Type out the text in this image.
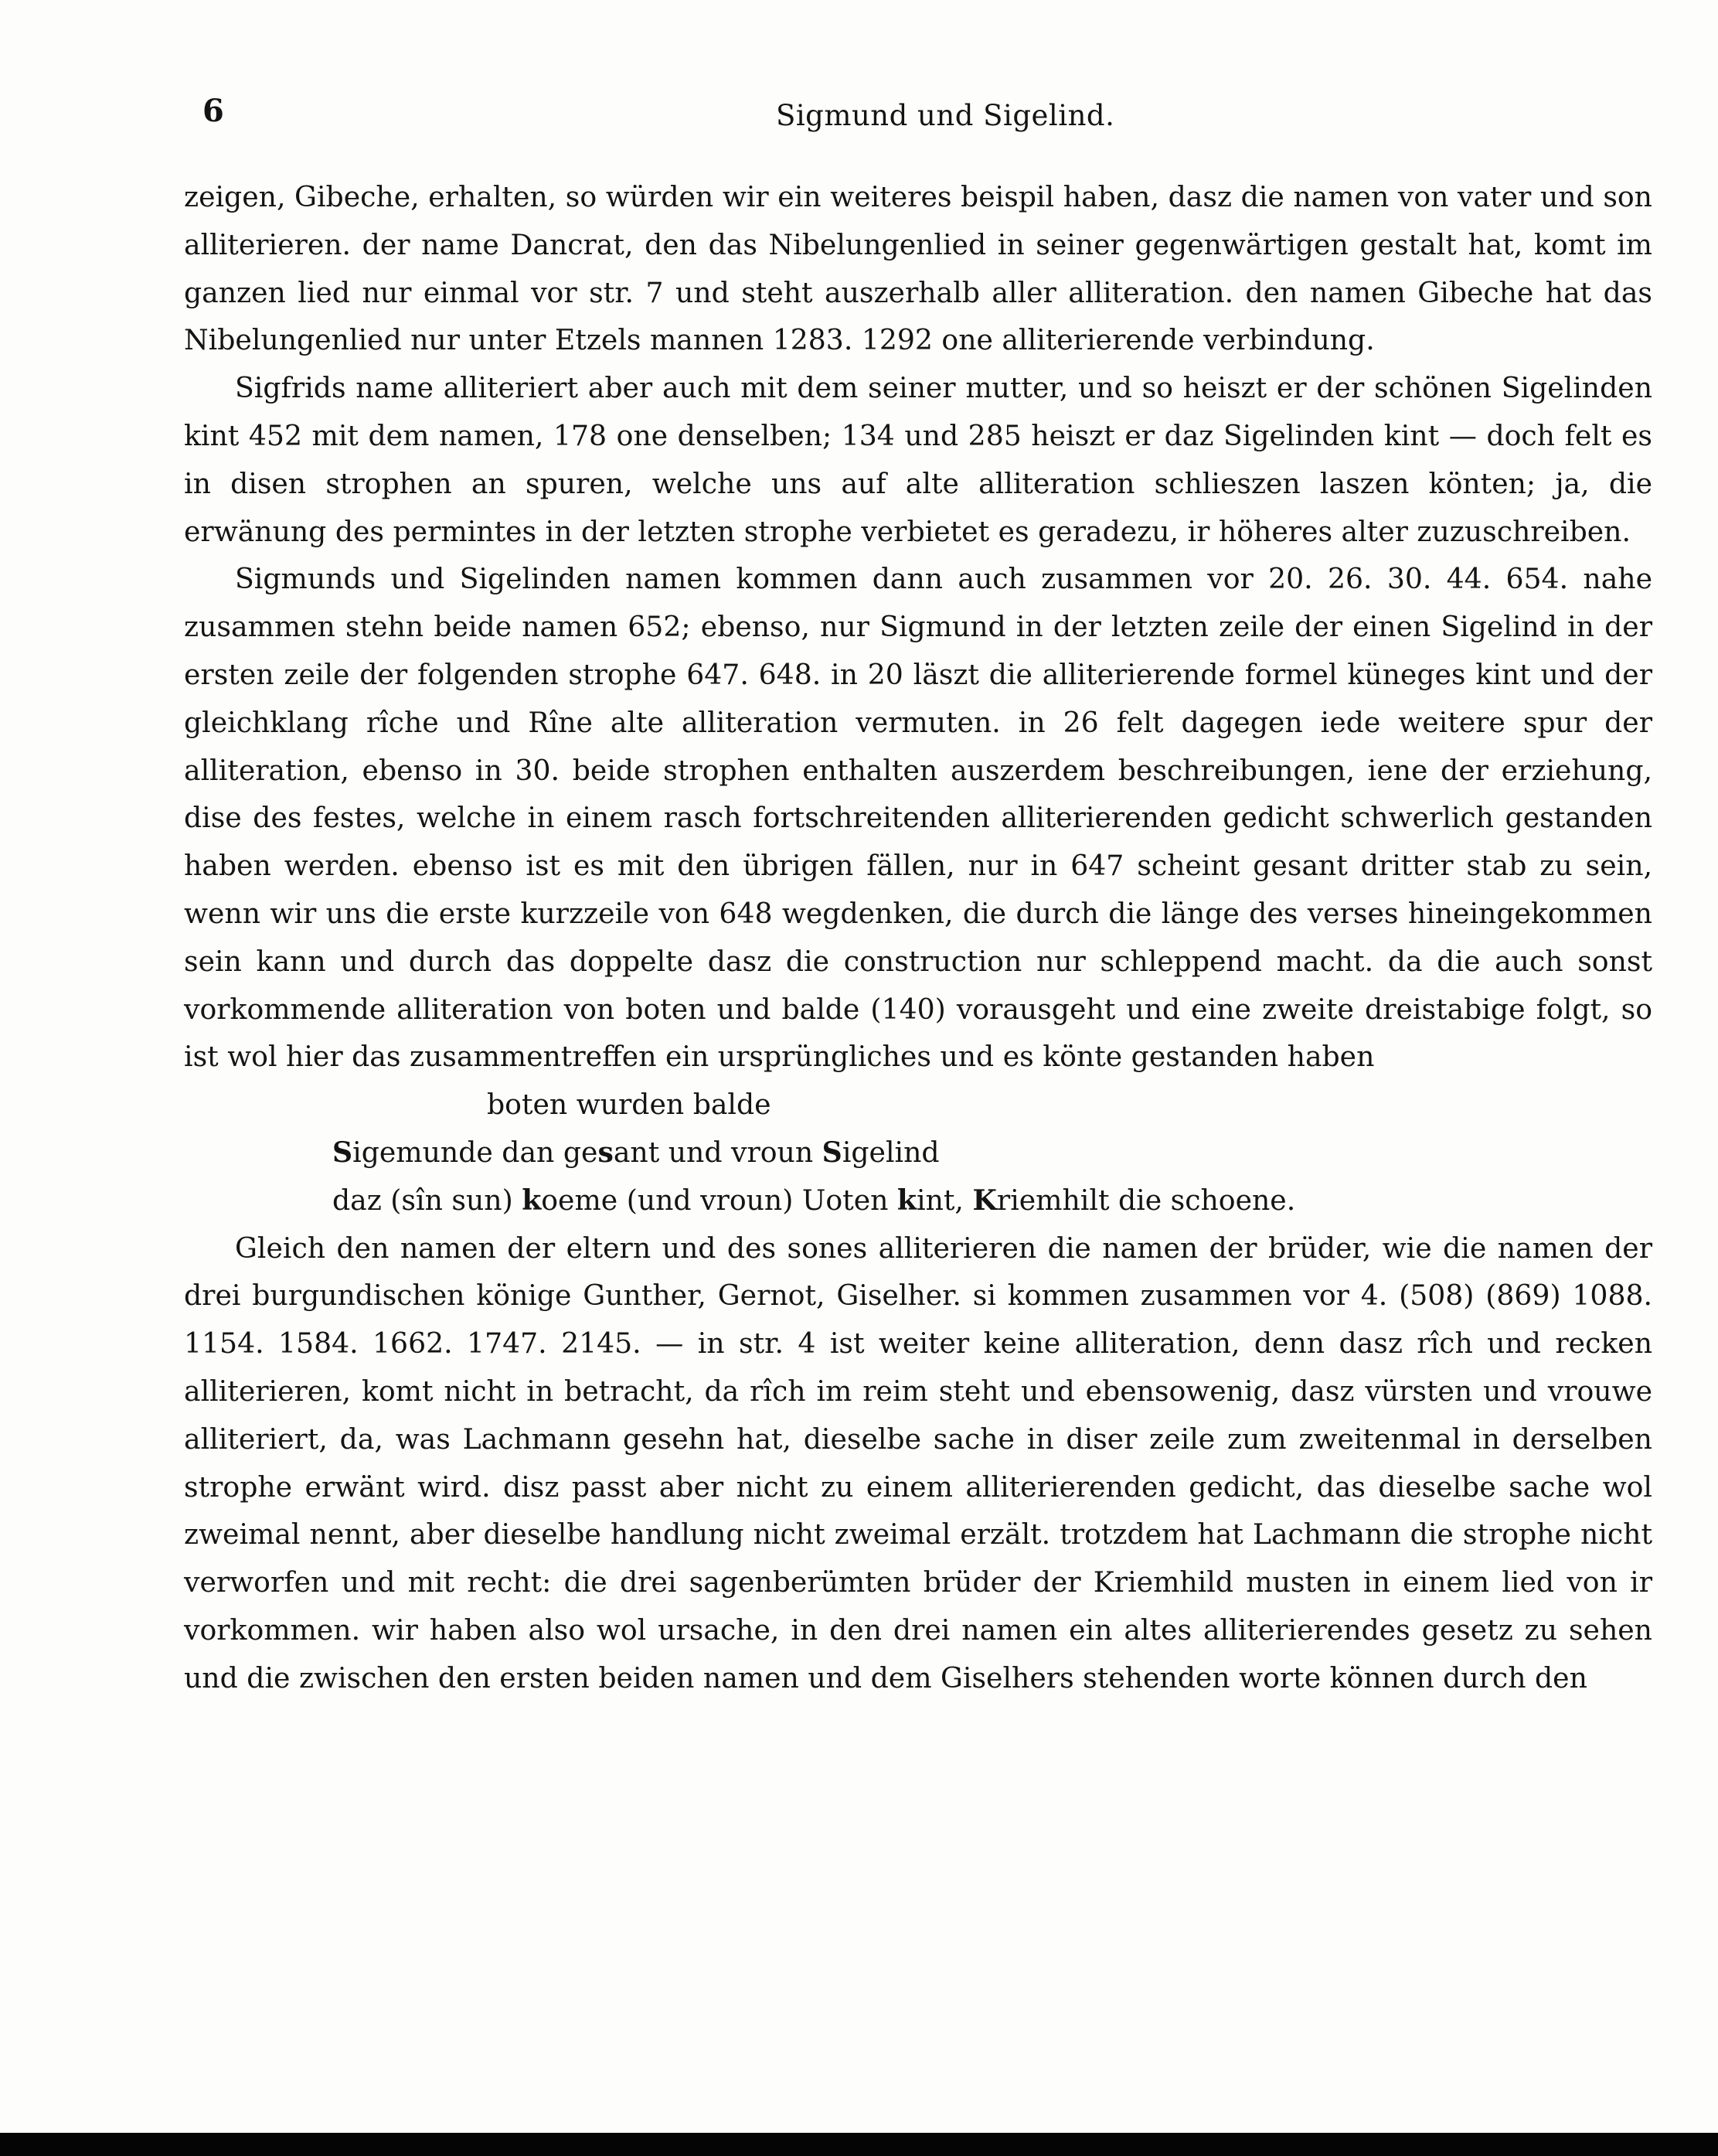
6	Sigmund und Sigelind.

zeigen, Gibeche, erhalten, so würden wir ein weiteres beispil haben, dasz die namen von vater und son alliterieren. der name Dancrat, den das Nibelungenlied in seiner gegenwärtigen gestalt hat, komt im ganzen lied nur einmal vor str. 7 und steht auszerhalb aller alliteration. den namen Gibeche hat das Nibelungenlied nur unter Etzels mannen 1283. 1292 one alliterierende verbindung.

Sigfrids name alliteriert aber auch mit dem seiner mutter, und so heiszt er der schönen Sigelinden kint 452 mit dem namen, 178 one denselben; 134 und 285 heiszt er daz Sigelinden kint — doch felt es in disen strophen an spuren, welche uns auf alte alliteration schlieszen laszen könten; ja, die erwänung des permintes in der letzten strophe verbietet es geradezu, ir höheres alter zuzuschreiben.

Sigmunds und Sigelinden namen kommen dann auch zusammen vor 20. 26. 30. 44. 654. nahe zusammen stehn beide namen 652; ebenso, nur Sigmund in der letzten zeile der einen Sigelind in der ersten zeile der folgenden strophe 647. 648. in 20 läszt die alliterierende formel küneges kint und der gleichklang rîche und Rîne alte alliteration vermuten. in 26 felt dagegen iede weitere spur der alliteration, ebenso in 30. beide strophen enthalten auszerdem beschreibungen, iene der erziehung, dise des festes, welche in einem rasch fortschreitenden alliterierenden gedicht schwerlich gestanden haben werden. ebenso ist es mit den übrigen fällen, nur in 647 scheint gesant dritter stab zu sein, wenn wir uns die erste kurzzeile von 648 wegdenken, die durch die länge des verses hineingekommen sein kann und durch das doppelte dasz die construction nur schleppend macht. da die auch sonst vorkommende alliteration von boten und balde (140) vorausgeht und eine zweite dreistabige folgt, so ist wol hier das zusammentreffen ein ursprüngliches und es könte gestanden haben

boten wurden balde

Sigemunde dan gesant und vroun Sigelind

daz (sîn sun) koeme (und vroun) Uoten kint, Kriemhilt die schoene.

Gleich den namen der eltern und des sones alliterieren die namen der brüder, wie die namen der drei burgundischen könige Gunther, Gernot, Giselher. si kommen zusammen vor 4. (508) (869) 1088. 1154. 1584. 1662. 1747. 2145. — in str. 4 ist weiter keine alliteration, denn dasz rîch und recken alliterieren, komt nicht in betracht, da rîch im reim steht und ebensowenig, dasz vürsten und vrouwe alliteriert, da, was Lachmann gesehn hat, dieselbe sache in diser zeile zum zweitenmal in derselben strophe erwänt wird. disz passt aber nicht zu einem alliterierenden gedicht, das dieselbe sache wol zweimal nennt, aber dieselbe handlung nicht zweimal erzält. trotzdem hat Lachmann die strophe nicht verworfen und mit recht: die drei sagenberümten brüder der Kriemhild musten in einem lied von ir vorkommen. wir haben also wol ursache, in den drei namen ein altes alliterierendes gesetz zu sehen und die zwischen den ersten beiden namen und dem Giselhers stehenden worte können durch den
